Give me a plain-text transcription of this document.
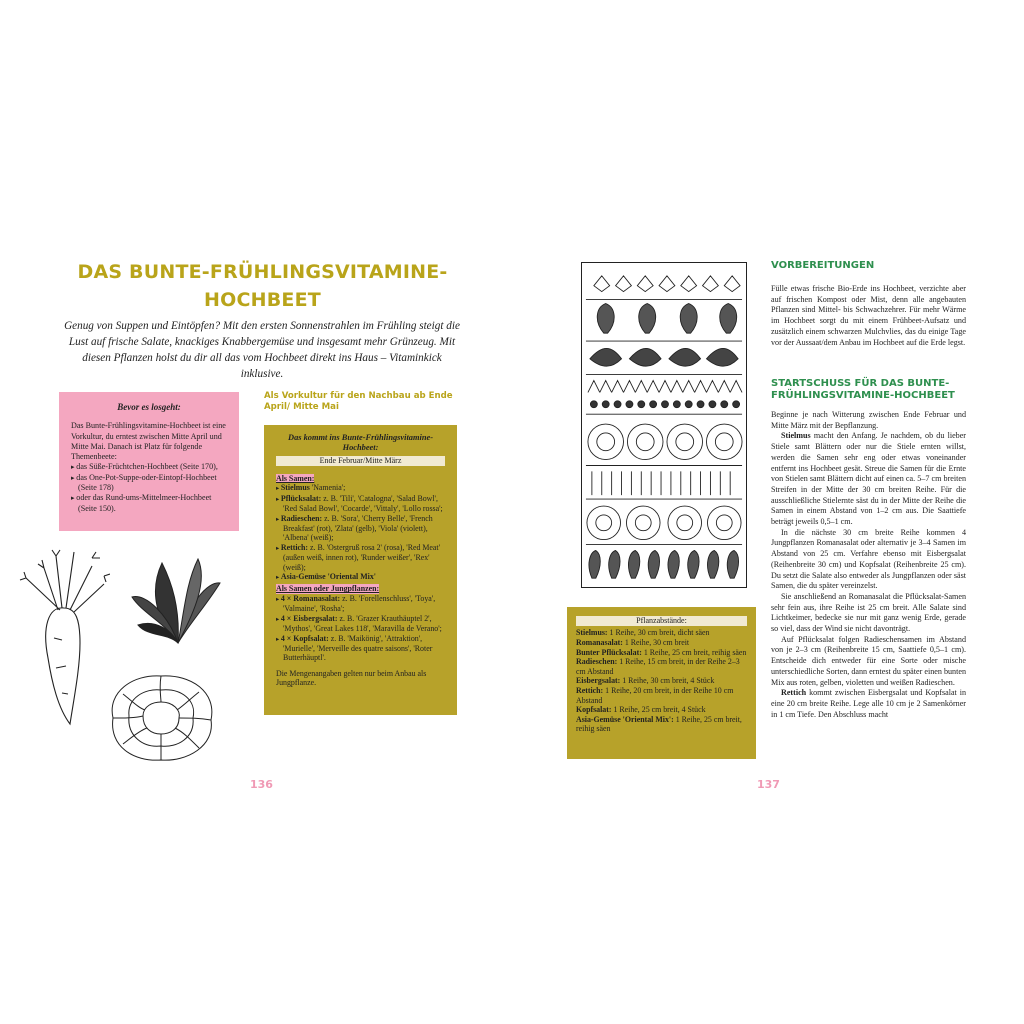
DAS BUNTE-FRÜHLINGSVITAMINE-
HOCHBEET
Genug von Suppen und Eintöpfen? Mit den ersten Sonnenstrahlen im Frühling steigt die Lust auf frische Salate, knackiges Knabbergemüse und insgesamt mehr Grünzeug. Mit diesen Pflanzen holst du dir all das vom Hochbeet direkt ins Haus – Vitaminkick inklusive.
Bevor es losgeht:
Das Bunte-Frühlingsvitamine-Hochbeet ist eine Vorkultur, du erntest zwischen Mitte April und Mitte Mai. Danach ist Platz für folgende Themenbeete:
▸ das Süße-Früchtchen-Hochbeet (Seite 170),
▸ das One-Pot-Suppe-oder-Eintopf-Hochbeet (Seite 178)
▸ oder das Rund-ums-Mittelmeer-Hochbeet (Seite 150).
Als Vorkultur für den Nachbau ab Ende April/ Mitte Mai
Das kommt ins Bunte-Frühlingsvitamine-Hochbeet:
Ende Februar/Mitte März
Als Samen:
▸ Stielmus 'Namenia';
▸ Pflücksalat: z. B. 'Tili', 'Catalogna', 'Salad Bowl', 'Red Salad Bowl', 'Cocarde', 'Vittaly', 'Lollo rossa';
▸ Radieschen: z. B. 'Sora', 'Cherry Belle', 'French Breakfast' (rot), 'Zlata' (gelb), 'Viola' (violett), 'Albena' (weiß);
▸ Rettich: z. B. 'Ostergruß rosa 2' (rosa), 'Red Meat' (außen weiß, innen rot), 'Runder weißer', 'Rex' (weiß);
▸ Asia-Gemüse 'Oriental Mix'
Als Samen oder Jungpflanzen:
▸ 4 × Romanasalat: z. B. 'Forellenschluss', 'Toya', 'Valmaine', 'Rosha';
▸ 4 × Eisbergsalat: z. B. 'Grazer Krauthäuptel 2', 'Mythos', 'Great Lakes 118', 'Maravilla de Verano';
▸ 4 × Kopfsalat: z. B. 'Maikönig', 'Attraktion', 'Murielle', 'Merveille des quatre saisons', 'Roter Butterhäuptl'.
Die Mengenangaben gelten nur beim Anbau als Jungpflanze.
136
Pflanzabstände:
Stielmus: 1 Reihe, 30 cm breit, dicht säen
Romanasalat: 1 Reihe, 30 cm breit
Bunter Pflücksalat: 1 Reihe, 25 cm breit, reihig säen
Radieschen: 1 Reihe, 15 cm breit, in der Reihe 2–3 cm Abstand
Eisbergsalat: 1 Reihe, 30 cm breit, 4 Stück
Rettich: 1 Reihe, 20 cm breit, in der Reihe 10 cm Abstand
Kopfsalat: 1 Reihe, 25 cm breit, 4 Stück
Asia-Gemüse 'Oriental Mix': 1 Reihe, 25 cm breit, reihig säen
VORBEREITUNGEN
Fülle etwas frische Bio-Erde ins Hochbeet, verzichte aber auf frischen Kompost oder Mist, denn alle angebauten Pflanzen sind Mittel- bis Schwachzehrer. Für mehr Wärme im Hochbeet sorgt du mit einem Frühbeet-Aufsatz und zusätzlich einem schwarzen Mulchvlies, das du einige Tage vor der Aussaat/dem Anbau im Hochbeet auf die Erde legst.
STARTSCHUSS FÜR DAS BUNTE-
FRÜHLINGSVITAMINE-HOCHBEET

Beginne je nach Witterung zwischen Ende Februar und Mitte März mit der Bepflanzung.

Stielmus macht den Anfang. Je nachdem, ob du lieber Stiele samt Blättern oder nur die Stiele ernten willst, werden die Samen sehr eng oder etwas voneinander entfernt ins Hochbeet gesät. Streue die Samen für die Ernte von Stielen samt Blättern dicht auf einen ca. 5–7 cm breiten Streifen in der Mitte der 30 cm breiten Reihe. Für die ausschließliche Stielernte säst du in der Mitte der Reihe die Samen in einem Abstand von 1–2 cm aus. Die Saattiefe beträgt jeweils 0,5–1 cm.

In die nächste 30 cm breite Reihe kommen 4 Jungpflanzen Romanasalat oder alternativ je 3–4 Samen im Abstand von 25 cm. Verfahre ebenso mit Eisbergsalat (Reihenbreite 30 cm) und Kopfsalat (Reihenbreite 25 cm). Du setzt die Salate also entweder als Jungpflanzen oder säst Samen, die du später vereinzelst.

Sie anschließend an Romanasalat die Pflücksalat-Samen sehr fein aus, ihre Reihe ist 25 cm breit. Alle Salate sind Lichtkeimer, bedecke sie nur mit ganz wenig Erde, gerade so viel, dass der Wind sie nicht davonträgt.

Auf Pflücksalat folgen Radieschensamen im Abstand von je 2–3 cm (Reihenbreite 15 cm, Saattiefe 0,5–1 cm). Entscheide dich entweder für eine Sorte oder mische unterschiedliche Sorten, dann erntest du später einen bunten Mix aus roten, gelben, violetten und weißen Radieschen.

Rettich kommt zwischen Eisbergsalat und Kopfsalat in eine 20 cm breite Reihe. Lege alle 10 cm je 2 Samenkörner in 1 cm Tiefe. Den Abschluss macht

137
